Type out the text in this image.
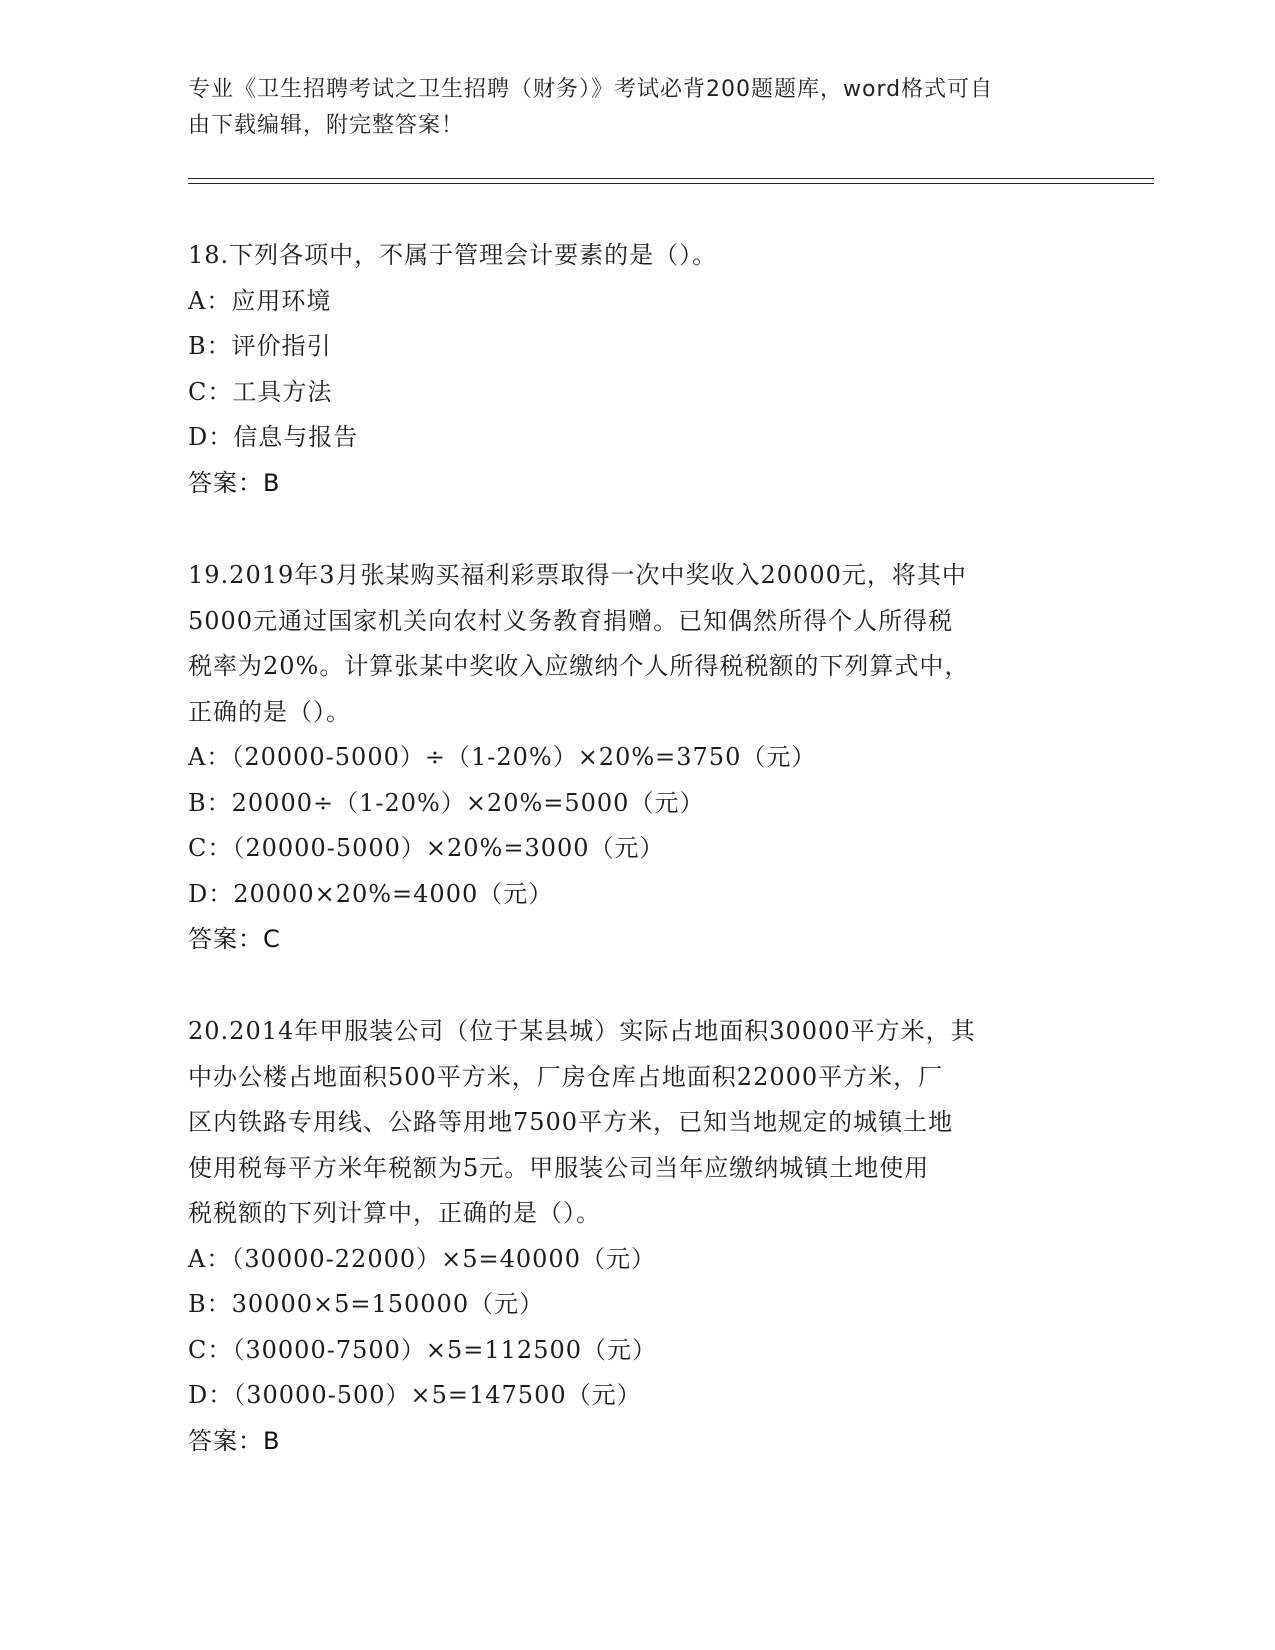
专业《卫生招聘考试之卫生招聘（财务）》考试必背200题题库，word格式可自
由下载编辑，附完整答案！
18.下列各项中，不属于管理会计要素的是（）。
A：应用环境
B：评价指引
C：工具方法
D：信息与报告
答案：B
19.2019年3月张某购买福利彩票取得一次中奖收入20000元，将其中
5000元通过国家机关向农村义务教育捐赠。已知偶然所得个人所得税
税率为20%。计算张某中奖收入应缴纳个人所得税税额的下列算式中，
正确的是（）。
A：（20000-5000）÷（1-20%）×20%=3750（元）
B：20000÷（1-20%）×20%=5000（元）
C：（20000-5000）×20%=3000（元）
D：20000×20%=4000（元）
答案：C
20.2014年甲服装公司（位于某县城）实际占地面积30000平方米，其
中办公楼占地面积500平方米，厂房仓库占地面积22000平方米，厂
区内铁路专用线、公路等用地7500平方米，已知当地规定的城镇土地
使用税每平方米年税额为5元。甲服装公司当年应缴纳城镇土地使用
税税额的下列计算中，正确的是（）。
A：（30000-22000）×5=40000（元）
B：30000×5=150000（元）
C：（30000-7500）×5=112500（元）
D：（30000-500）×5=147500（元）
答案：B
